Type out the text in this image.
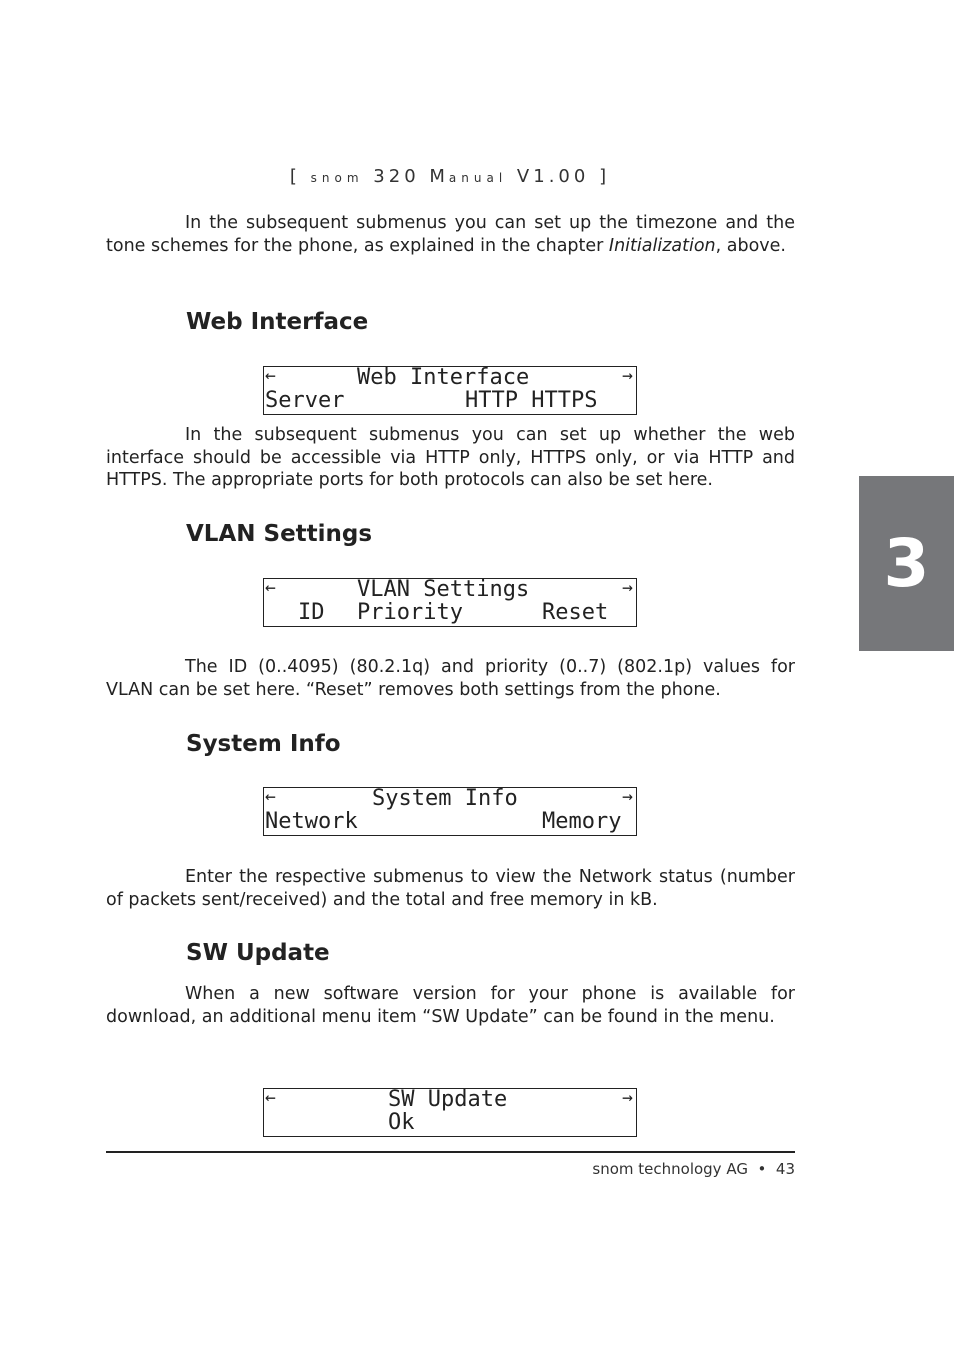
[ snom 320 Manual V1.00 ]
In the subsequent submenus you can set up the timezone and the tone schemes for the phone, as explained in the chapter Initialization, above.
Web Interface

←

	Web Interface

	→

Server

	HTTP HTTPS

In the subsequent submenus you can set up whether the web interface should be accessible via HTTP only, HTTPS only, or via HTTP and HTTPS. The appropriate ports for both protocols can also be set here.
VLAN Settings

←

	VLAN Settings

	→

ID

Priority

	Reset

The ID (0..4095) (80.2.1q) and priority (0..7) (802.1p) values for VLAN can be set here. “Reset” removes both settings from the phone.
System Info

←

	System Info

	→

Network

	Memory

Enter the respective submenus to view the Network status (number of packets sent/received) and the total and free memory in kB.
SW Update
When a new software version for your phone is available for download, an additional menu item “SW Update” can be found in the menu.

←

	SW Update

	→

Ok

snom technology AG • 43
3
